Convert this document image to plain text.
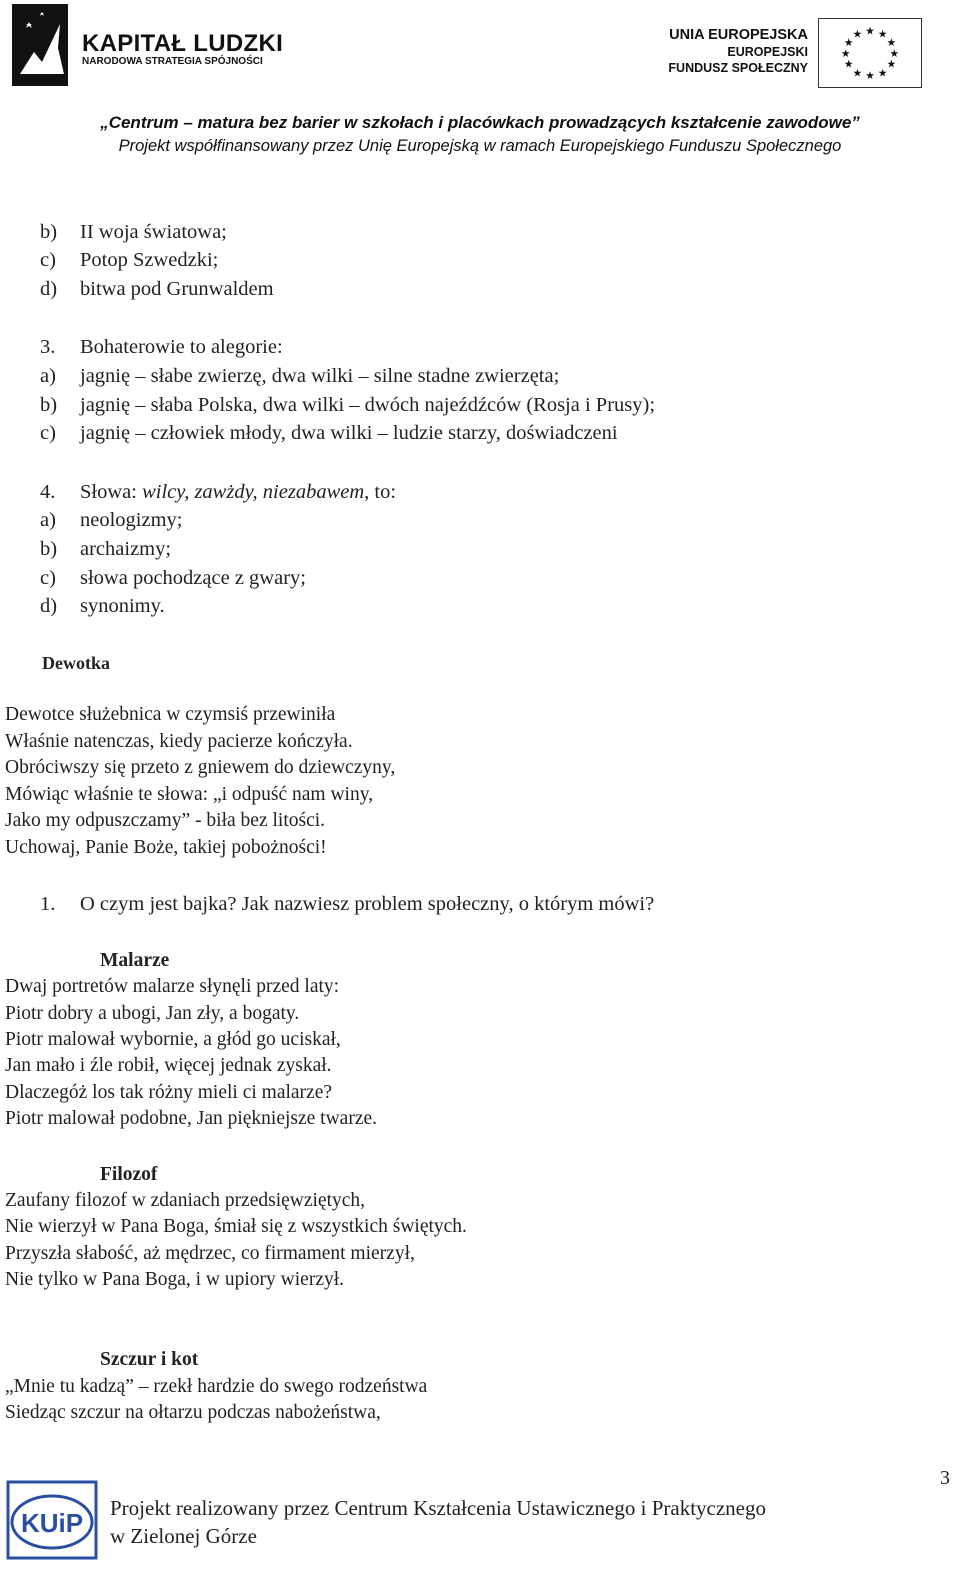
KAPITAŁ LUDZKI
NARODOWA STRATEGIA SPÓJNOŚCI
UNIA EUROPEJSKA
EUROPEJSKI
FUNDUSZ SPOŁECZNY
★ ★
★
★
★
★
★
★
★
★
★
★
„Centrum – matura bez barier w szkołach i placówkach prowadzących kształcenie zawodowe”
Projekt współfinansowany przez Unię Europejską w ramach Europejskiego Funduszu Społecznego
b) II woja światowa;
c) Potop Szwedzki;
d) bitwa pod Grunwaldem
3. Bohaterowie to alegorie:
a) jagnię – słabe zwierzę, dwa wilki – silne stadne zwierzęta;
b) jagnię – słaba Polska, dwa wilki – dwóch najeźdźców (Rosja i Prusy);
c) jagnię – człowiek młody, dwa wilki – ludzie starzy, doświadczeni
4. Słowa: wilcy, zawżdy, niezabawem, to:
a) neologizmy;
b) archaizmy;
c) słowa pochodzące z gwary;
d) synonimy.
Dewotka
Dewotce służebnica w czymsiś przewiniła
Właśnie natenczas, kiedy pacierze kończyła.
Obróciwszy się przeto z gniewem do dziewczyny,
Mówiąc właśnie te słowa: „i odpuść nam winy,
Jako my odpuszczamy” - biła bez litości.
Uchowaj, Panie Boże, takiej pobożności!
1. O czym jest bajka? Jak nazwiesz problem społeczny, o którym mówi?
Malarze
Dwaj portretów malarze słynęli przed laty:
Piotr dobry a ubogi, Jan zły, a bogaty.
Piotr malował wybornie, a głód go uciskał,
Jan mało i źle robił, więcej jednak zyskał.
Dlaczegóż los tak różny mieli ci malarze?
Piotr malował podobne, Jan piękniejsze twarze.
Filozof
Zaufany filozof w zdaniach przedsięwziętych,
Nie wierzył w Pana Boga, śmiał się z wszystkich świętych.
Przyszła słabość, aż mędrzec, co firmament mierzył,
Nie tylko w Pana Boga, i w upiory wierzył.
Szczur i kot
„Mnie tu kadzą” – rzekł hardzie do swego rodzeństwa
Siedząc szczur na ołtarzu podczas nabożeństwa,
3
KUiP Projekt realizowany przez Centrum Kształcenia Ustawicznego i Praktycznego
w Zielonej Górze
